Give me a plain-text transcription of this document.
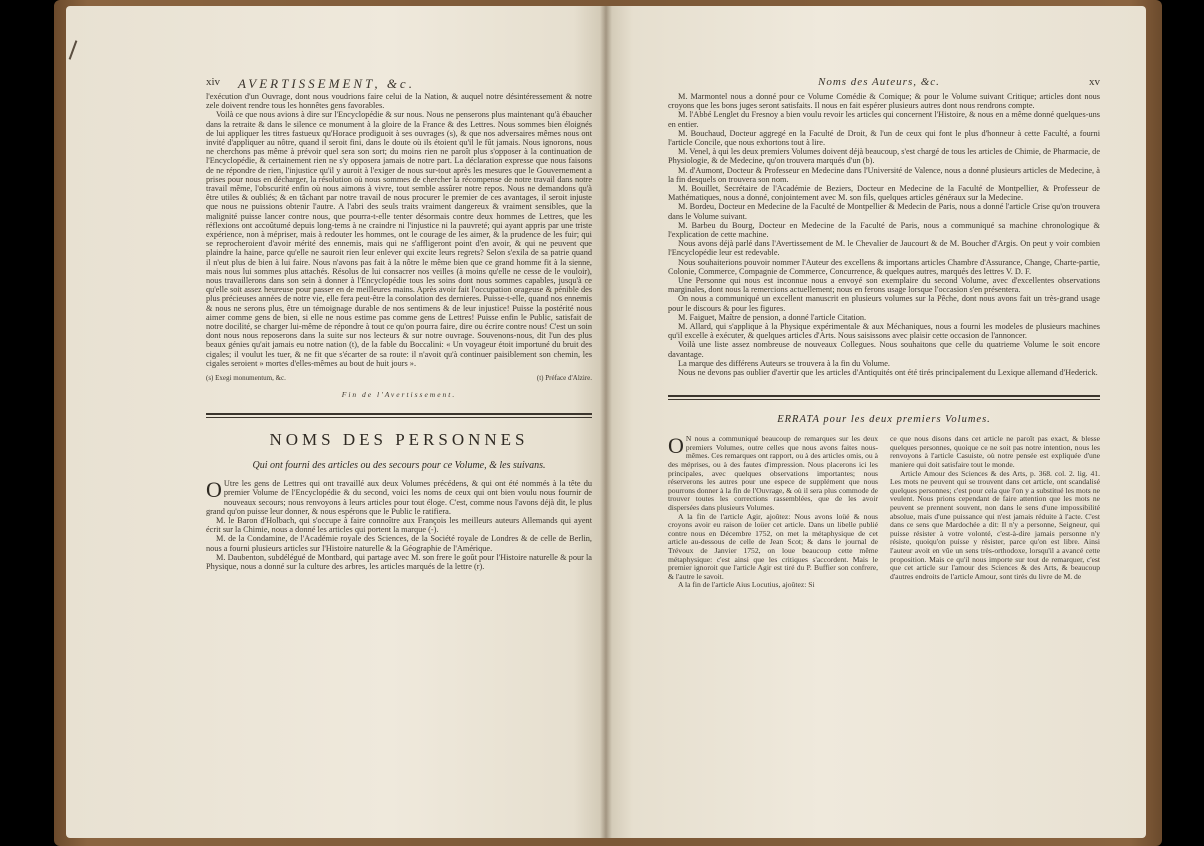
xiv AVERTISSEMENT, &c.

l'exécution d'un Ouvrage, dont nous voudrions faire celui de la Nation, & auquel notre désintéressement & notre zele doivent rendre tous les honnêtes gens favorables.

Voilà ce que nous avions à dire sur l'Encyclopédie & sur nous. Nous ne penserons plus maintenant qu'à ébaucher dans la retraite & dans le silence ce monument à la gloire de la France & des Lettres. Nous sommes bien éloignés de lui appliquer les titres fastueux qu'Horace prodiguoit à ses ouvrages (s), & que nos adversaires mêmes nous ont invité d'appliquer au nôtre, quand il seroit fini, dans le doute où ils étoient qu'il le fût jamais. Nous ignorons, nous ne cherchons pas même à prévoir quel sera son sort; du moins rien ne paroît plus s'opposer à la continuation de l'Encyclopédie, & certainement rien ne s'y opposera jamais de notre part. La déclaration expresse que nous faisons de ne répondre de rien, l'injustice qu'il y auroit à l'exiger de nous sur-tout après les mesures que le Gouvernement a prises pour nous en décharger, la résolution où nous sommes de chercher la récompense de notre travail dans notre travail même, l'obscurité enfin où nous aimons à vivre, tout semble assûrer notre repos. Nous ne demandons qu'à être utiles & oubliés; & en tâchant par notre travail de nous procurer le premier de ces avantages, il seroit injuste que nous ne puissions obtenir l'autre. A l'abri des seuls traits vraiment dangereux & vraiment sensibles, que la malignité puisse lancer contre nous, que pourra-t-elle tenter désormais contre deux hommes de Lettres, que les réflexions ont accoûtumé depuis long-tems à ne craindre ni l'injustice ni la pauvreté; qui ayant appris par une triste expérience, non à mépriser, mais à redouter les hommes, ont le courage de les aimer, & la prudence de les fuir; qui se reprocheroient d'avoir mérité des ennemis, mais qui ne s'affligeront point d'en avoir, & qui ne peuvent que plaindre la haine, parce qu'elle ne sauroit rien leur enlever qui excite leurs regrets? Selon s'exila de sa patrie quand il n'eut plus de bien à lui faire. Nous n'avons pas fait à la nôtre le même bien que ce grand homme fit à la sienne, mais nous lui sommes plus attachés. Résolus de lui consacrer nos veilles (à moins qu'elle ne cesse de le vouloir), nous travaillerons dans son sein à donner à l'Encyclopédie tous les soins dont nous sommes capables, jusqu'à ce qu'elle soit assez heureuse pour passer en de meilleures mains. Après avoir fait l'occupation orageuse & pénible des plus précieuses années de notre vie, elle fera peut-être la consolation des dernieres. Puisse-t-elle, quand nos ennemis & nous ne serons plus, être un témoignage durable de nos sentimens & de leur injustice! Puisse la postérité nous aimer comme gens de bien, si elle ne nous estime pas comme gens de Lettres! Puisse enfin le Public, satisfait de notre docilité, se charger lui-même de répondre à tout ce qu'on pourra faire, dire ou écrire contre nous! C'est un soin dont nous nous reposerons dans la suite sur nos lecteurs & sur notre ouvrage. Souvenons-nous, dit l'un des plus beaux génies qu'ait jamais eu notre nation (t), de la fable du Boccalini: « Un voyageur étoit importuné du bruit des cigales; il voulut les tuer, & ne fit que s'écarter de sa route: il n'avoit qu'à continuer paisiblement son chemin, les cigales seroient » mortes d'elles-mêmes au bout de huit jours ».

(s) Exegi monumentum, &c.	(t) Préface d'Alzire.
Fin de l'Avertissement.
NOMS DES PERSONNES
Qui ont fourni des articles ou des secours pour ce Volume, & les suivans.

O Utre les gens de Lettres qui ont travaillé aux deux Volumes précédens, & qui ont été nommés à la tête du premier Volume de l'Encyclopédie & du second, voici les noms de ceux qui ont bien voulu nous fournir de nouveaux secours; nous renvoyons à leurs articles pour tout éloge. C'est, comme nous l'avons déjà dit, le plus grand qu'on puisse leur donner, & nous espérons que le Public le ratifiera.

M. le Baron d'Holbach, qui s'occupe à faire connoître aux François les meilleurs auteurs Allemands qui ayent écrit sur la Chimie, nous a donné les articles qui portent la marque (-).

M. de la Condamine, de l'Académie royale des Sciences, de la Société royale de Londres & de celle de Berlin, nous a fourni plusieurs articles sur l'Histoire naturelle & la Géographie de l'Amérique.

M. Daubenton, subdélégué de Montbard, qui partage avec M. son frere le goût pour l'Histoire naturelle & pour la Physique, nous a donné sur la culture des arbres, les articles marqués de la lettre (r).

Noms des Auteurs, &c.	xv

M. Marmontel nous a donné pour ce Volume Comédie & Comique; & pour le Volume suivant Critique; articles dont nous croyons que les bons juges seront satisfaits. Il nous en fait espérer plusieurs autres dont nous rendrons compte.

M. l'Abbé Lenglet du Fresnoy a bien voulu revoir les articles qui concernent l'Histoire, & nous en a même donné quelques-uns en entier.

M. Bouchaud, Docteur aggregé en la Faculté de Droit, & l'un de ceux qui font le plus d'honneur à cette Faculté, a fourni l'article Concile, que nous exhortons tout à lire.

M. Venel, à qui les deux premiers Volumes doivent déjà beaucoup, s'est chargé de tous les articles de Chimie, de Pharmacie, de Physiologie, & de Medecine, qu'on trouvera marqués d'un (b).

M. d'Aumont, Docteur & Professeur en Medecine dans l'Université de Valence, nous a donné plusieurs articles de Medecine, à la fin desquels on trouvera son nom.

M. Bouillet, Secrétaire de l'Académie de Beziers, Docteur en Medecine de la Faculté de Montpellier, & Professeur de Mathématiques, nous a donné, conjointement avec M. son fils, quelques articles généraux sur la Medecine.

M. Bordeu, Docteur en Medecine de la Faculté de Montpellier & Medecin de Paris, nous a donné l'article Crise qu'on trouvera dans le Volume suivant.

M. Barbeu du Bourg, Docteur en Medecine de la Faculté de Paris, nous a communiqué sa machine chronologique & l'explication de cette machine.

Nous avons déjà parlé dans l'Avertissement de M. le Chevalier de Jaucourt & de M. Boucher d'Argis. On peut y voir combien l'Encyclopédie leur est redevable.

Nous souhaiterions pouvoir nommer l'Auteur des excellens & importans articles Chambre d'Assurance, Change, Charte-partie, Colonie, Commerce, Compagnie de Commerce, Concurrence, & quelques autres, marqués des lettres V. D. F.

Une Personne qui nous est inconnue nous a envoyé son exemplaire du second Volume, avec d'excellentes observations marginales, dont nous la remercions actuellement; nous en ferons usage lorsque l'occasion s'en présentera.

On nous a communiqué un excellent manuscrit en plusieurs volumes sur la Pêche, dont nous avons fait un très-grand usage pour le discours & pour les figures.

M. Faiguet, Maître de pension, a donné l'article Citation.

M. Allard, qui s'applique à la Physique expérimentale & aux Méchaniques, nous a fourni les modeles de plusieurs machines qu'il excelle à exécuter, & quelques articles d'Arts. Nous saisissons avec plaisir cette occasion de l'annoncer.

Voilà une liste assez nombreuse de nouveaux Collegues. Nous souhaitons que celle du quatrieme Volume le soit encore davantage.

La marque des différens Auteurs se trouvera à la fin du Volume.

Nous ne devons pas oublier d'avertir que les articles d'Antiquités ont été tirés principalement du Lexique allemand d'Hederick.

ERRATA pour les deux premiers Volumes.

O N nous a communiqué beaucoup de remarques sur les deux premiers Volumes, outre celles que nous avons faites nous-mêmes. Ces remarques ont rapport, ou à des articles omis, ou à des méprises, ou à des fautes d'impression. Nous placerons ici les principales, avec quelques observations importantes; nous réserverons les autres pour une espece de supplément que nous pourrons donner à la fin de l'Ouvrage, & où il sera plus commode de trouver toutes les corrections rassemblées, que de les avoir dispersées dans plusieurs Volumes.

A la fin de l'article Agir, ajoûtez: Nous avons loüé & nous croyons avoir eu raison de loüer cet article. Dans un libelle publié contre nous en Décembre 1752, on met la métaphysique de cet article au-dessous de celle de Jean Scot; & dans le journal de Trévoux de Janvier 1752, on loue beaucoup cette même métaphysique: c'est ainsi que les critiques s'accordent. Mais le premier ignoroit que l'article Agir est tiré du P. Buffier son confrere, & l'autre le savoit.

A la fin de l'article Aius Locutius, ajoûtez: Si

ce que nous disons dans cet article ne paroît pas exact, & blesse quelques personnes, quoique ce ne soit pas notre intention, nous les renvoyons à l'article Casuiste, où notre pensée est expliquée d'une maniere qui doit satisfaire tout le monde.

Article Amour des Sciences & des Arts, p. 368. col. 2. lig. 41. Les mots ne peuvent qui se trouvent dans cet article, ont scandalisé quelques personnes; c'est pour cela que l'on y a substitué les mots ne veulent. Nous prions cependant de faire attention que les mots ne peuvent se prennent souvent, non dans le sens d'une impossibilité absolue, mais d'une puissance qui n'est jamais réduite à l'acte. C'est dans ce sens que Mardochée a dit: Il n'y a personne, Seigneur, qui puisse résister à votre volonté, c'est-à-dire jamais personne n'y résiste, quoiqu'on puisse y résister, parce qu'on est libre. Ainsi l'auteur avoit en vûe un sens très-orthodoxe, lorsqu'il a avancé cette proposition. Mais ce qu'il nous importe sur tout de remarquer, c'est que cet article sur l'amour des Sciences & des Arts, & beaucoup d'autres endroits de l'article Amour, sont tirés du livre de M. de
